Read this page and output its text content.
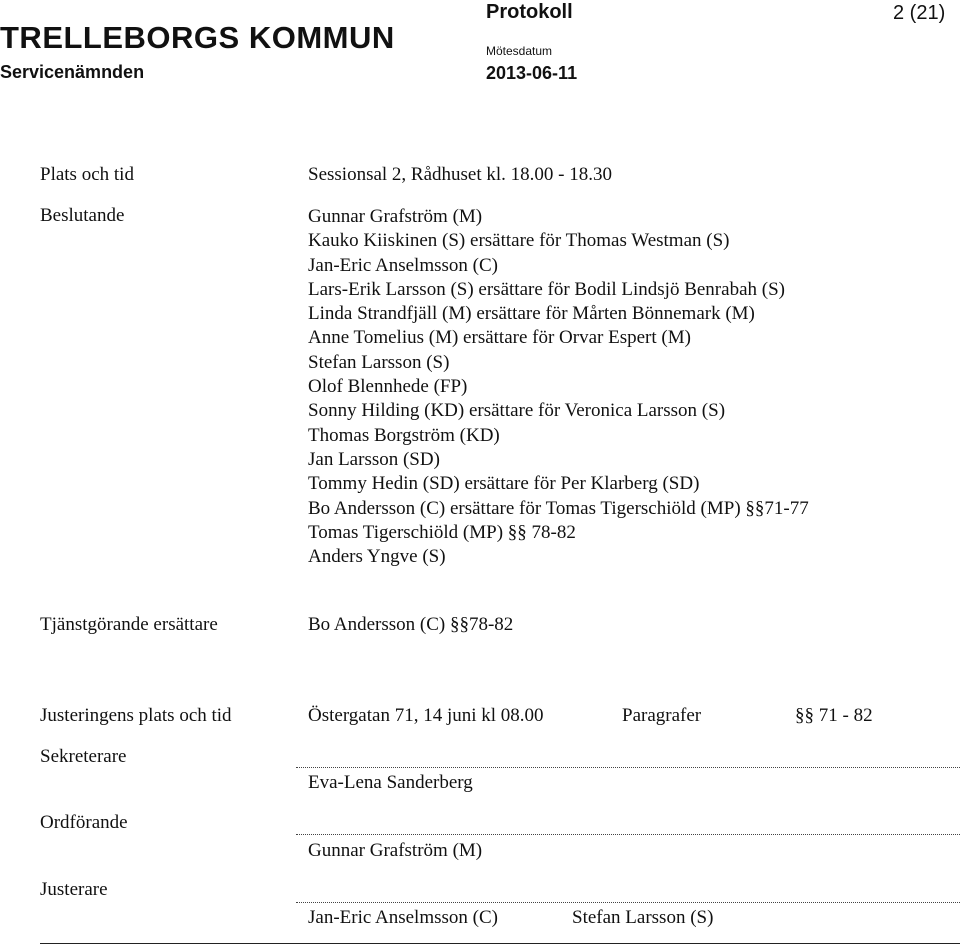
TRELLEBORGS KOMMUN
Servicenämnden
Protokoll	2 (21)
Mötesdatum
2013-06-11
Plats och tid	Sessionsal 2, Rådhuset kl. 18.00 - 18.30
Beslutande	Gunnar Grafström (M)
Kauko Kiiskinen (S) ersättare för Thomas Westman (S)
Jan-Eric Anselmsson (C)
Lars-Erik Larsson (S) ersättare för Bodil Lindsjö Benrabah (S)
Linda Strandfjäll (M) ersättare för Mårten Bönnemark (M)
Anne Tomelius (M) ersättare för Orvar Espert (M)
Stefan Larsson (S)
Olof Blennhede (FP)
Sonny Hilding (KD) ersättare för Veronica Larsson (S)
Thomas Borgström (KD)
Jan Larsson (SD)
Tommy Hedin (SD) ersättare för Per Klarberg (SD)
Bo Andersson (C) ersättare för Tomas Tigerschiöld (MP) §§71-77
Tomas Tigerschiöld (MP) §§ 78-82
Anders Yngve (S)
Tjänstgörande ersättare	Bo Andersson (C) §§78-82
Justeringens plats och tid	Östergatan 71, 14 juni kl 08.00	Paragrafer	§§ 71 - 82
Sekreterare
Eva-Lena Sanderberg
Ordförande
Gunnar Grafström (M)
Justerare
Jan-Eric Anselmsson (C)	Stefan Larsson (S)
